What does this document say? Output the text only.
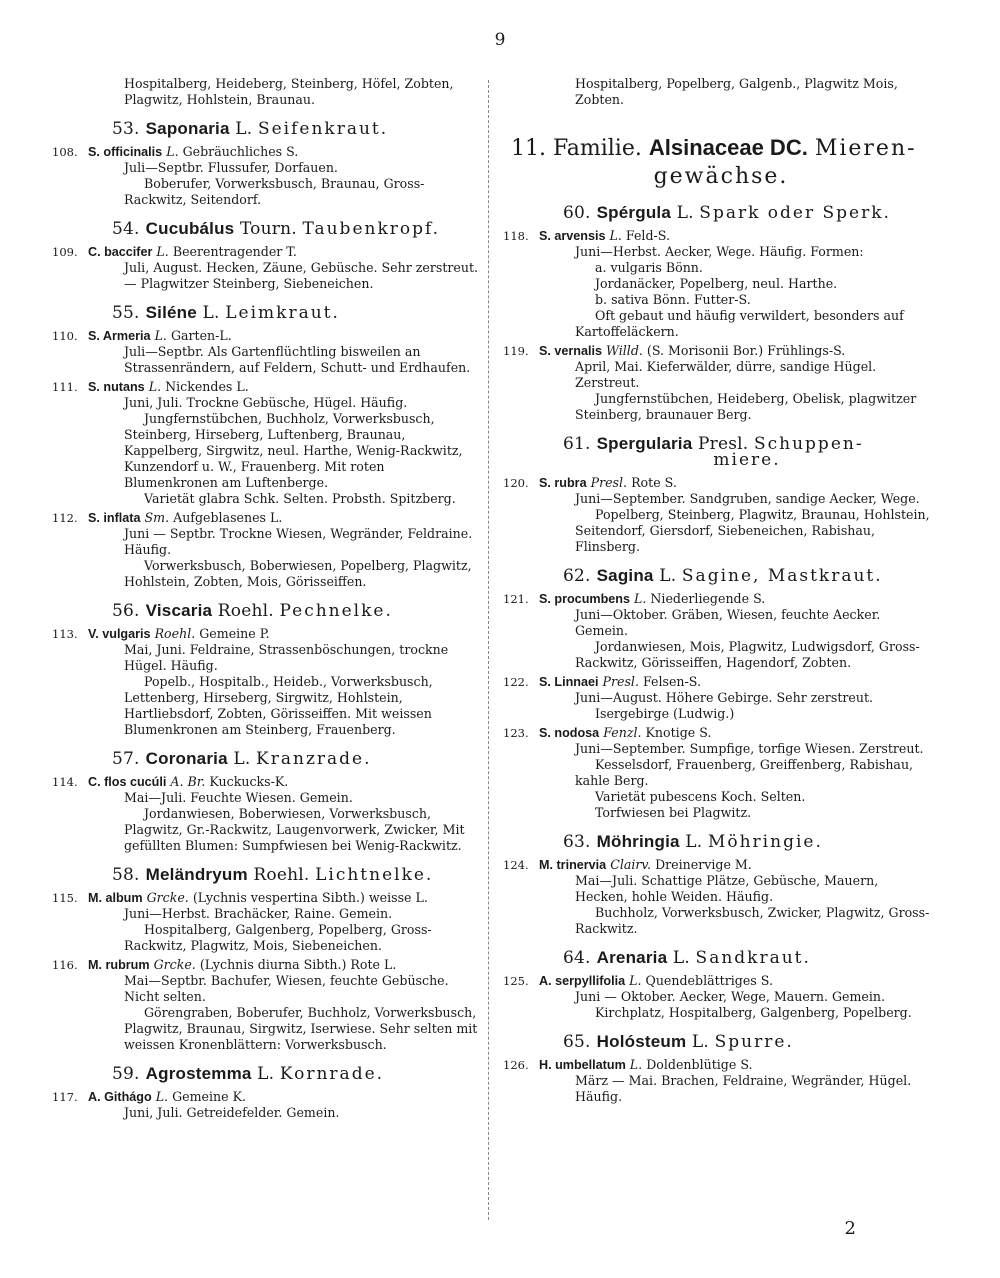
9

Hospitalberg, Heideberg, Steinberg, Höfel, Zobten, Plagwitz, Hohlstein, Braunau.

53. Saponaria L. Seifenkraut.
108. S. officinalis L. Gebräuchliches S.
Juli—Septbr. Flussufer, Dorfauen.
Boberufer, Vorwerksbusch, Braunau, Gross-Rackwitz, Seitendorf.
54. Cucubálus Tourn. Taubenkropf.
109. C. baccifer L. Beerentragender T.
Juli, August. Hecken, Zäune, Gebüsche. Sehr zerstreut. — Plagwitzer Steinberg, Siebeneichen.
55. Siléne L. Leimkraut.
110. S. Armeria L. Garten-L.
Juli—Septbr. Als Gartenflüchtling bisweilen an Strassenrändern, auf Feldern, Schutt- und Erdhaufen.
111. S. nutans L. Nickendes L.
Juni, Juli. Trockne Gebüsche, Hügel. Häufig.
Jungfernstübchen, Buchholz, Vorwerksbusch, Steinberg, Hirseberg, Luftenberg, Braunau, Kappelberg, Sirgwitz, neul. Harthe, Wenig-Rackwitz, Kunzendorf u. W., Frauenberg. Mit roten Blumenkronen am Luftenberge.
Varietät glabra Schk. Selten. Probsth. Spitzberg.
112. S. inflata Sm. Aufgeblasenes L.
Juni — Septbr. Trockne Wiesen, Wegränder, Feldraine. Häufig.
Vorwerksbusch, Boberwiesen, Popelberg, Plagwitz, Hohlstein, Zobten, Mois, Görisseiffen.
56. Viscaria Roehl. Pechnelke.
113. V. vulgaris Roehl. Gemeine P.
Mai, Juni. Feldraine, Strassenböschungen, trockne Hügel. Häufig.
Popelb., Hospitalb., Heideb., Vorwerksbusch, Lettenberg, Hirseberg, Sirgwitz, Hohlstein, Hartliebsdorf, Zobten, Görisseiffen. Mit weissen Blumenkronen am Steinberg, Frauenberg.
57. Coronaria L. Kranzrade.
114. C. flos cucúli A. Br. Kuckucks-K.
Mai—Juli. Feuchte Wiesen. Gemein.
Jordanwiesen, Boberwiesen, Vorwerksbusch, Plagwitz, Gr.-Rackwitz, Laugenvorwerk, Zwicker, Mit gefüllten Blumen: Sumpfwiesen bei Wenig-Rackwitz.
58. Meländryum Roehl. Lichtnelke.
115. M. album Grcke. (Lychnis vespertina Sibth.) weisse L.
Juni—Herbst. Brachäcker, Raine. Gemein.
Hospitalberg, Galgenberg, Popelberg, Gross-Rackwitz, Plagwitz, Mois, Siebeneichen.
116. M. rubrum Grcke. (Lychnis diurna Sibth.) Rote L.
Mai—Septbr. Bachufer, Wiesen, feuchte Gebüsche. Nicht selten.
Görengraben, Boberufer, Buchholz, Vorwerksbusch, Plagwitz, Braunau, Sirgwitz, Iserwiese. Sehr selten mit weissen Kronenblättern: Vorwerksbusch.
59. Agrostemma L. Kornrade.
117. A. Githágo L. Gemeine K.
Juni, Juli. Getreidefelder. Gemein.

Hospitalberg, Popelberg, Galgenb., Plagwitz Mois, Zobten.

11. Familie. Alsinaceae DC. Mieren-
gewächse.
60. Spérgula L. Spark oder Sperk.
118. S. arvensis L. Feld-S.
Juni—Herbst. Aecker, Wege. Häufig. Formen:
a. vulgaris Bönn.
Jordanäcker, Popelberg, neul. Harthe.
b. sativa Bönn. Futter-S.
Oft gebaut und häufig verwildert, besonders auf Kartoffeläckern.
119. S. vernalis Willd. (S. Morisonii Bor.) Frühlings-S.
April, Mai. Kieferwälder, dürre, sandige Hügel. Zerstreut.
Jungfernstübchen, Heideberg, Obelisk, plagwitzer Steinberg, braunauer Berg.
61. Spergularia Presl. Schuppen-
miere.
120. S. rubra Presl. Rote S.
Juni—September. Sandgruben, sandige Aecker, Wege.
Popelberg, Steinberg, Plagwitz, Braunau, Hohlstein, Seitendorf, Giersdorf, Siebeneichen, Rabishau, Flinsberg.
62. Sagina L. Sagine, Mastkraut.
121. S. procumbens L. Niederliegende S.
Juni—Oktober. Gräben, Wiesen, feuchte Aecker. Gemein.
Jordanwiesen, Mois, Plagwitz, Ludwigsdorf, Gross-Rackwitz, Görisseiffen, Hagendorf, Zobten.
122. S. Linnaei Presl. Felsen-S.
Juni—August. Höhere Gebirge. Sehr zerstreut.
Isergebirge (Ludwig.)
123. S. nodosa Fenzl. Knotige S.
Juni—September. Sumpfige, torfige Wiesen. Zerstreut.
Kesselsdorf, Frauenberg, Greiffenberg, Rabishau, kahle Berg.
Varietät pubescens Koch. Selten.
Torfwiesen bei Plagwitz.
63. Möhringia L. Möhringie.
124. M. trinervia Clairv. Dreinervige M.
Mai—Juli. Schattige Plätze, Gebüsche, Mauern, Hecken, hohle Weiden. Häufig.
Buchholz, Vorwerksbusch, Zwicker, Plagwitz, Gross-Rackwitz.
64. Arenaria L. Sandkraut.
125. A. serpyllifolia L. Quendeblättriges S.
Juni — Oktober. Aecker, Wege, Mauern. Gemein.
Kirchplatz, Hospitalberg, Galgenberg, Popelberg.
65. Holósteum L. Spurre.
126. H. umbellatum L. Doldenblütige S.
März — Mai. Brachen, Feldraine, Wegränder, Hügel. Häufig.
2
